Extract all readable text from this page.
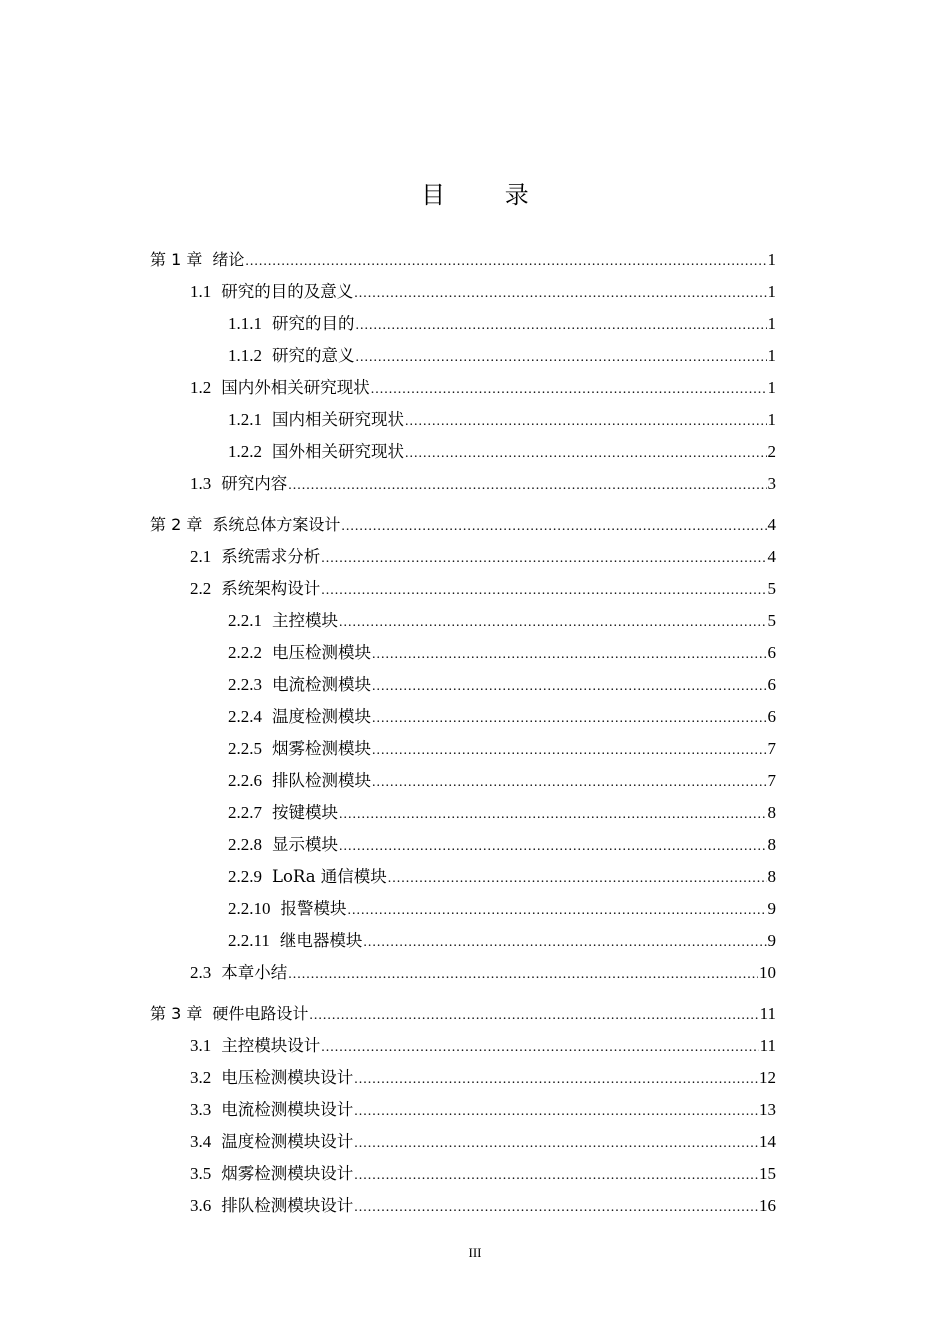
目 录
第 1 章 绪论 .....	1
1.1 研究的目的及意义 .....	1
1.1.1 研究的目的 .....	1
1.1.2 研究的意义 .....	1
1.2 国内外相关研究现状 .....	1
1.2.1 国内相关研究现状 .....	1
1.2.2 国外相关研究现状 .....	2
1.3 研究内容 .....	3
第 2 章 系统总体方案设计 .....	4
2.1 系统需求分析 .....	4
2.2 系统架构设计 .....	5
2.2.1 主控模块 .....	5
2.2.2 电压检测模块 .....	6
2.2.3 电流检测模块 .....	6
2.2.4 温度检测模块 .....	6
2.2.5 烟雾检测模块 .....	7
2.2.6 排队检测模块 .....	7
2.2.7 按键模块 .....	8
2.2.8 显示模块 .....	8
2.2.9 LoRa 通信模块 .....	8
2.2.10 报警模块 .....	9
2.2.11 继电器模块 .....	9
2.3 本章小结 .....	10
第 3 章 硬件电路设计 .....	11
3.1 主控模块设计 .....	11
3.2 电压检测模块设计 .....	12
3.3 电流检测模块设计 .....	13
3.4 温度检测模块设计 .....	14
3.5 烟雾检测模块设计 .....	15
3.6 排队检测模块设计 .....	16
III
